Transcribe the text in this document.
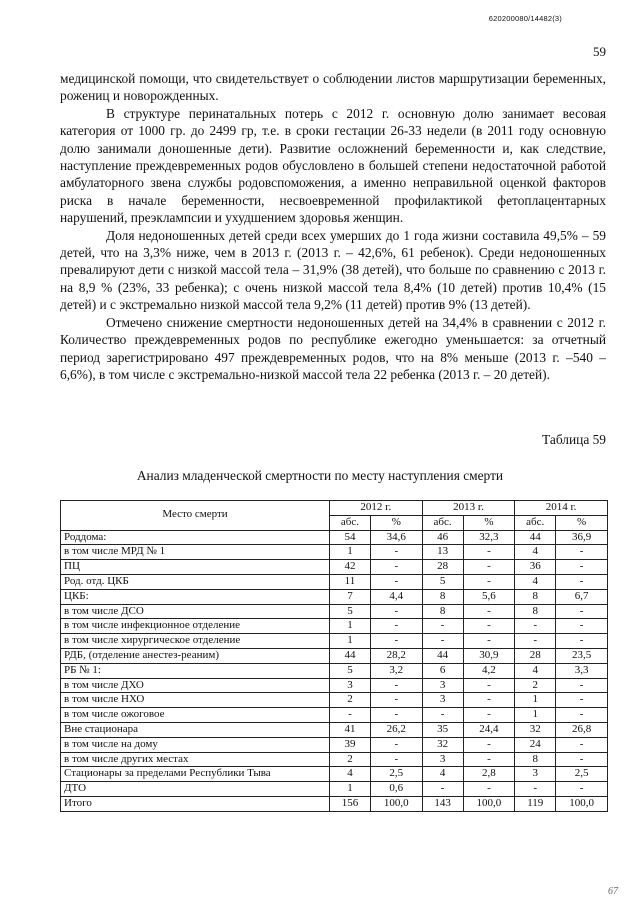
620200080/14482(3)
59

медицинской помощи, что свидетельствует о соблюдении листов маршрутизации беременных, рожениц и новорожденных.

В структуре перинатальных потерь с 2012 г. основную долю занимает весовая категория от 1000 гр. до 2499 гр, т.е. в сроки гестации 26-33 недели (в 2011 году основную долю занимали доношенные дети). Развитие осложнений беременности и, как следствие, наступление преждевременных родов обусловлено в большей степени недостаточной работой амбулаторного звена службы родовспоможения, а именно неправильной оценкой факторов риска в начале беременности, несвоевременной профилактикой фетоплацентарных нарушений, преэклампсии и ухудшением здоровья женщин.

Доля недоношенных детей среди всех умерших до 1 года жизни составила 49,5% – 59 детей, что на 3,3% ниже, чем в 2013 г. (2013 г. – 42,6%, 61 ребенок). Среди недоношенных превалируют дети с низкой массой тела – 31,9% (38 детей), что больше по сравнению с 2013 г. на 8,9 % (23%, 33 ребенка); с очень низкой массой тела 8,4% (10 детей) против 10,4% (15 детей) и с экстремально низкой массой тела 9,2% (11 детей) против 9% (13 детей).

Отмечено снижение смертности недоношенных детей на 34,4% в сравнении с 2012 г. Количество преждевременных родов по республике ежегодно уменьшается: за отчетный период зарегистрировано 497 преждевременных родов, что на 8% меньше (2013 г. –540 – 6,6%), в том числе с экстремально-низкой массой тела 22 ребенка (2013 г. – 20 детей).

Таблица 59
Анализ младенческой смертности по месту наступления смерти
Место смерти	2012 г.		2013 г.		2014 г.	
	абс.	%	абс.	%	абс.	%
Роддома:	54	34,6	46	32,3	44	36,9
в том числе МРД № 1	1	-	13	-	4	-
ПЦ	42	-	28	-	36	-
Род. отд. ЦКБ	11	-	5	-	4	-
ЦКБ:	7	4,4	8	5,6	8	6,7
в том числе ДСО	5	-	8	-	8	-
в том числе инфекционное отделение	1	-	-	-	-	-
в том числе хирургическое отделение	1	-	-	-	-	-
РДБ, (отделение анестез-реаним)	44	28,2	44	30,9	28	23,5
РБ № 1:	5	3,2	6	4,2	4	3,3
в том числе ДХО	3	-	3	-	2	-
в том числе НХО	2	-	3	-	1	-
в том числе ожоговое	-	-	-	-	1	-
Вне стационара	41	26,2	35	24,4	32	26,8
в том числе на дому	39	-	32	-	24	-
в том числе других местах	2	-	3	-	8	-
Стационары за пределами Республики Тыва	4	2,5	4	2,8	3	2,5
ДТО	1	0,6	-	-	-	-
Итого	156	100,0	143	100,0	119	100,0
67
